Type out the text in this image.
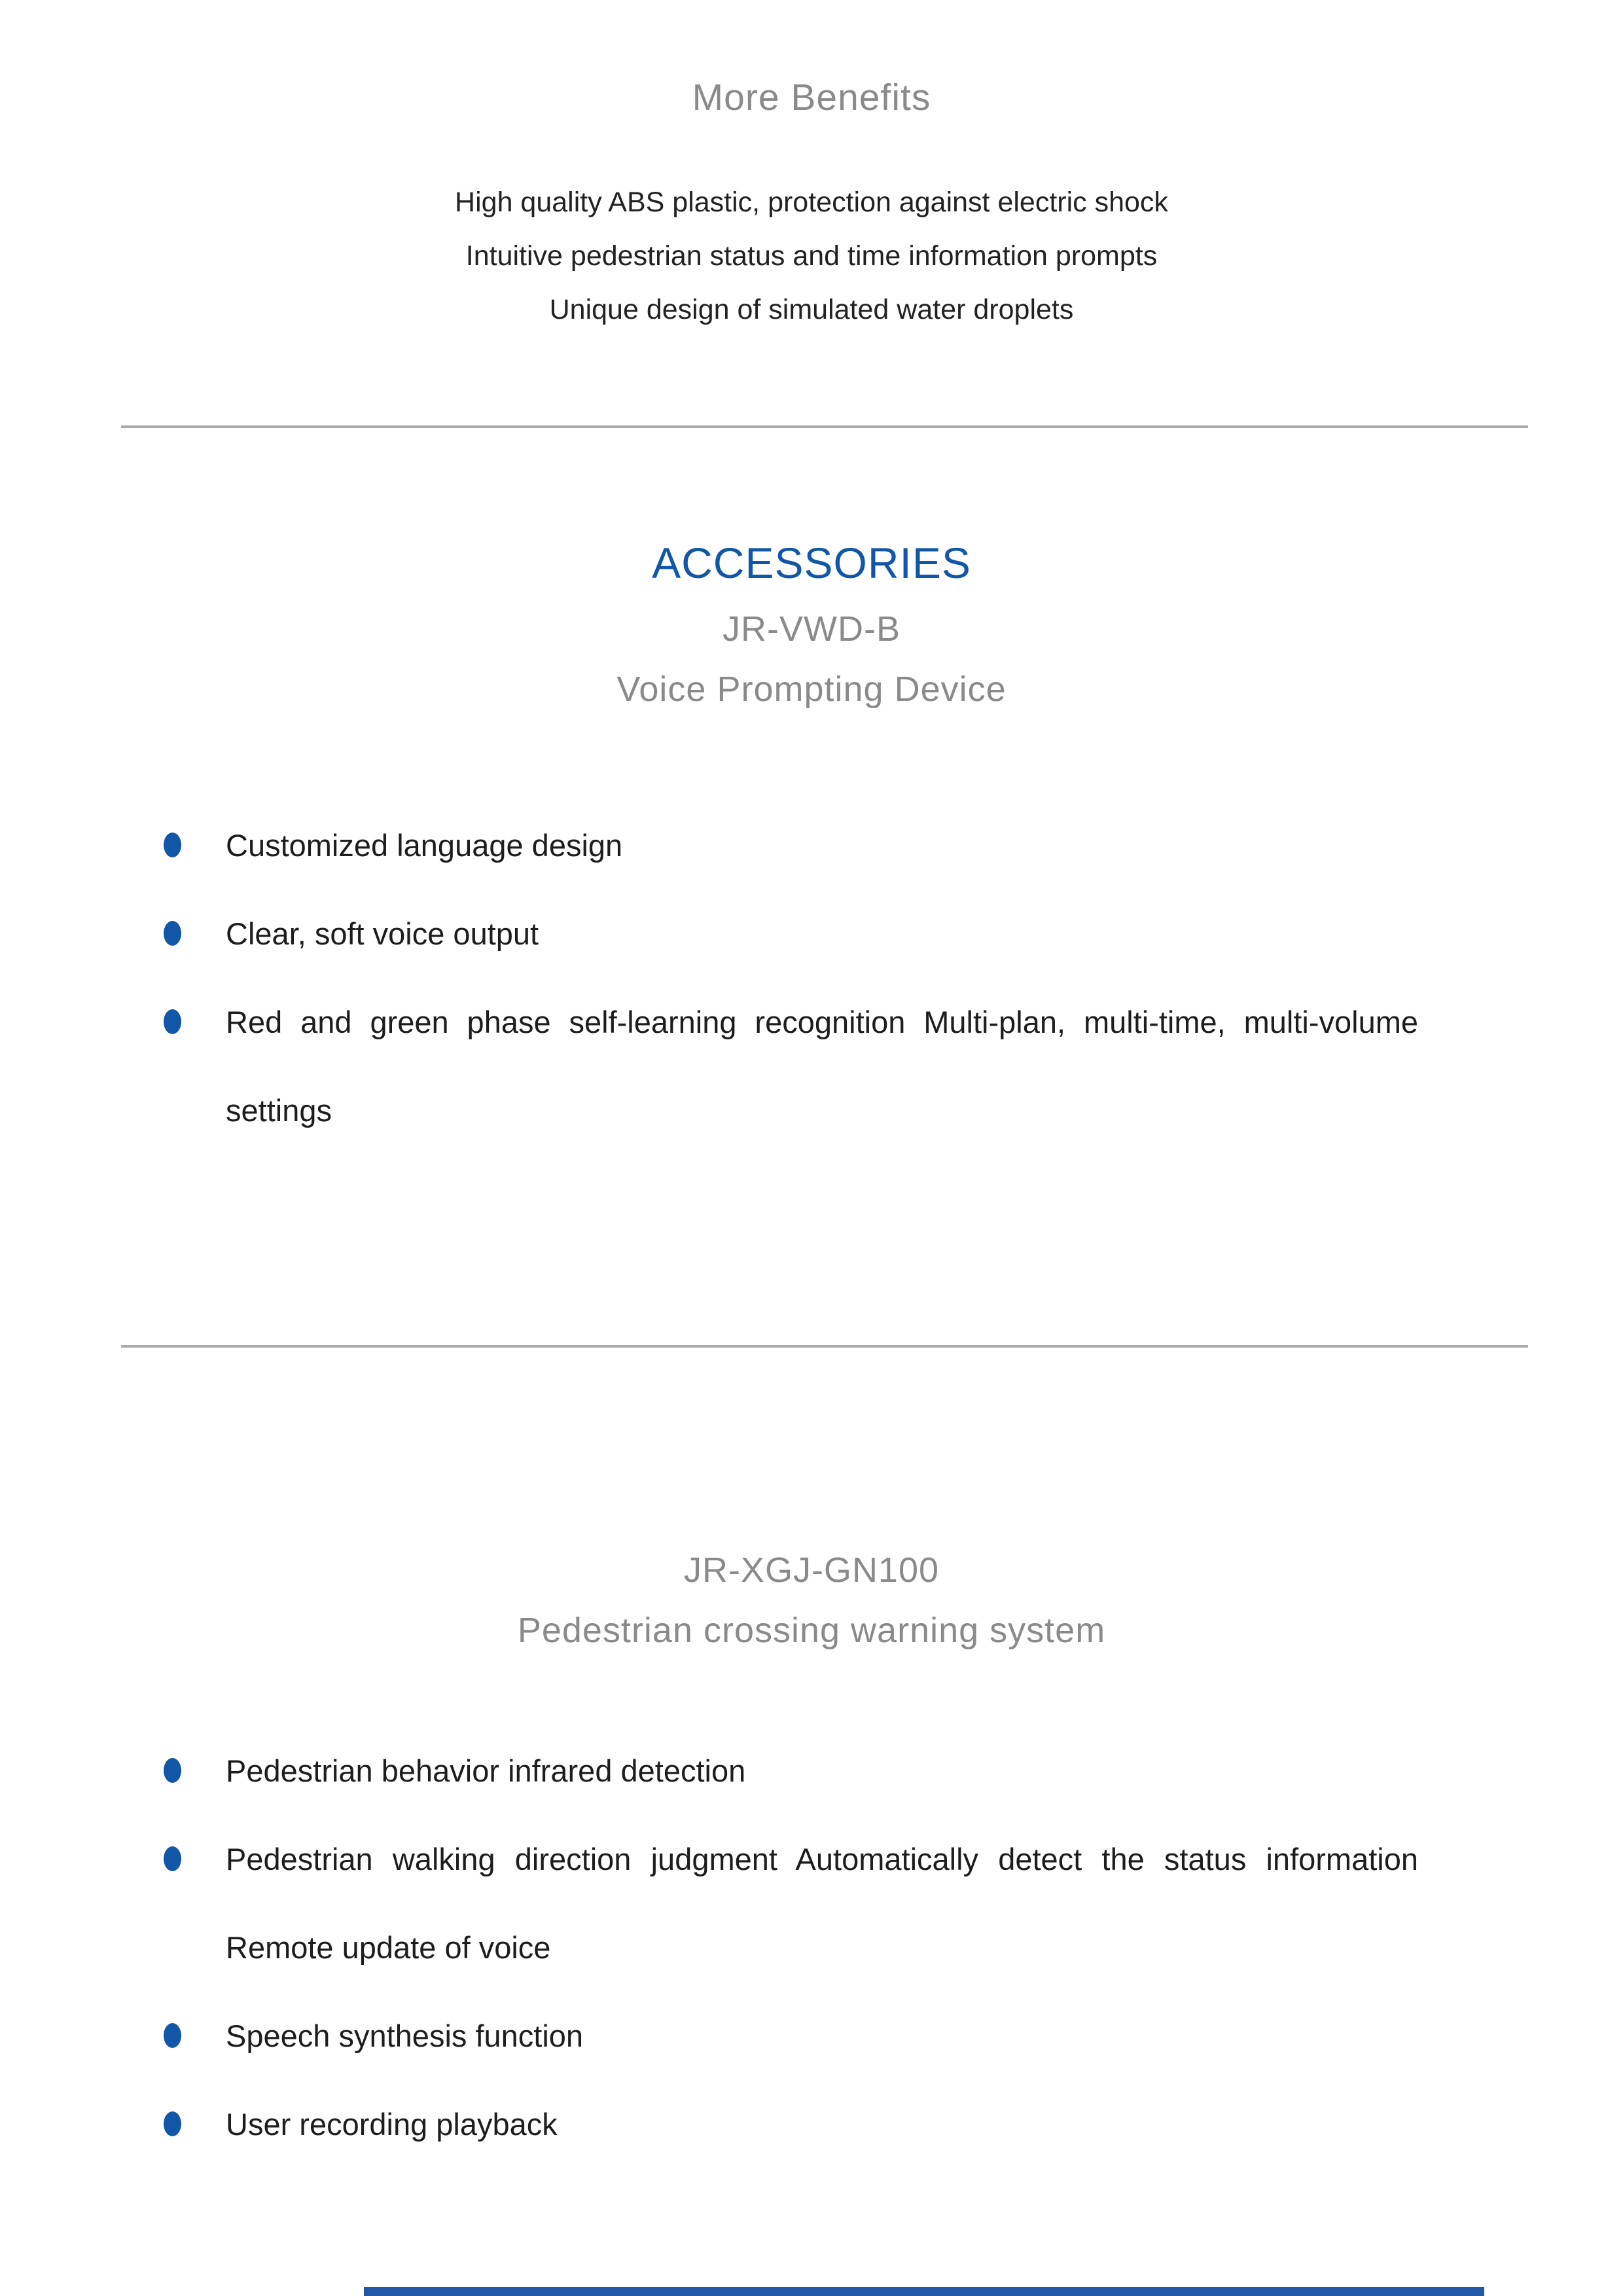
More Benefits
High quality ABS plastic, protection against electric shock
Intuitive pedestrian status and time information prompts
Unique design of simulated water droplets
ACCESSORIES
JR-VWD-B
Voice Prompting Device
Customized language design
Clear, soft voice output
Red and green phase self-learning recognition Multi-plan, multi-time, multi-volume settings
JR-XGJ-GN100
Pedestrian crossing warning system
Pedestrian behavior infrared detection
Pedestrian walking direction judgment Automatically detect the status information Remote update of voice
Speech synthesis function
User recording playback
